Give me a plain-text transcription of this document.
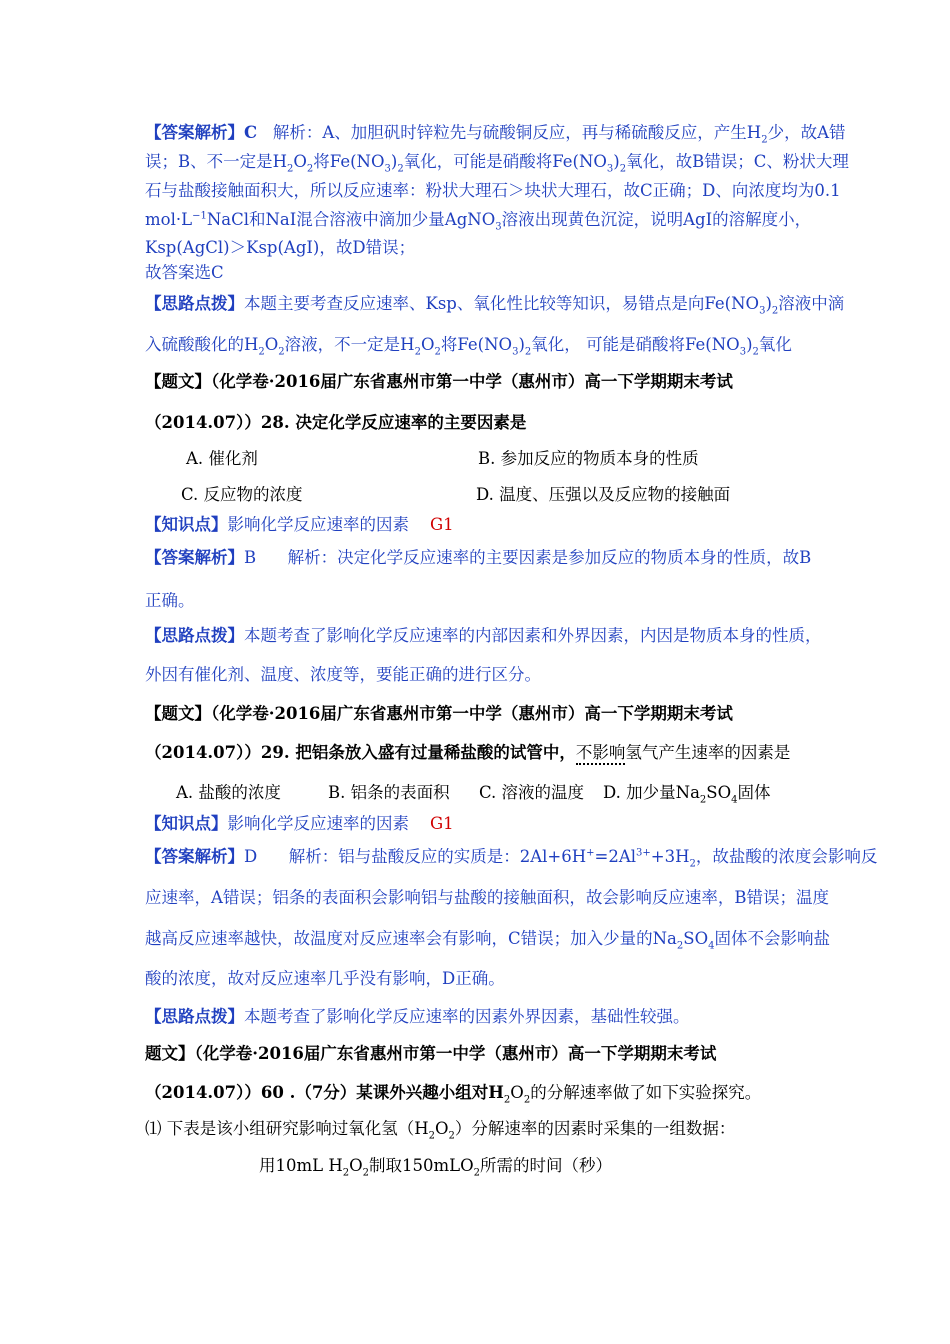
【答案解析】C 解析：A、加胆矾时锌粒先与硫酸铜反应，再与稀硫酸反应，产生$H_2$少，故A错
误；B、不一定是$H_2O_2$将$Fe(NO_3)_2$氧化，可能是硝酸将$Fe(NO_3)_2$氧化，故B错误；C、粉状大理
石与盐酸接触面积大，所以反应速率：粉状大理石＞块状大理石，故C正确；D、向浓度均为0.1
$mol\cdot L^{-1}NaCl$和NaI混合溶液中滴加少量AgNO$_3$溶液出现黄色沉淀，说明AgI的溶解度小，
Ksp(AgCl)＞Ksp(AgI)，故D错误；
故答案选C
【思路点拨】本题主要考查反应速率、Ksp、氧化性比较等知识，易错点是向$Fe(NO_3)_2$溶液中滴
入硫酸酸化的$H_2O_2$溶液，不一定是$H_2O_2$将$Fe(NO_3)_2$氧化， 可能是硝酸将$Fe(NO_3)_2$氧化
【题文】（化学卷·2016届广东省惠州市第一中学（惠州市）高一下学期期末考试
（2014.07））28. 决定化学反应速率的主要因素是
A. 催化剂	B. 参加反应的物质本身的性质
C. 反应物的浓度	D. 温度、压强以及反应物的接触面
【知识点】影响化学反应速率的因素 G1
【答案解析】B 解析：决定化学反应速率的主要因素是参加反应的物质本身的性质，故B
正确。
【思路点拨】本题考查了影响化学反应速率的内部因素和外界因素，内因是物质本身的性质，
外因有催化剂、温度、浓度等，要能正确的进行区分。
【题文】（化学卷·2016届广东省惠州市第一中学（惠州市）高一下学期期末考试
（2014.07））29. 把铝条放入盛有过量稀盐酸的试管中，不影响氢气产生速率的因素是
A. 盐酸的浓度	B. 铝条的表面积 C. 溶液的温度 D. 加少量$Na_2SO_4$固体
【知识点】影响化学反应速率的因素 G1
【答案解析】D 解析：铝与盐酸反应的实质是：$2Al+6H^+=2Al^{3+}+3H_2$，故盐酸的浓度会影响反
应速率，A错误；铝条的表面积会影响铝与盐酸的接触面积，故会影响反应速率，B错误；温度
越高反应速率越快，故温度对反应速率会有影响，C错误；加入少量的$Na_2SO_4$固体不会影响盐
酸的浓度，故对反应速率几乎没有影响，D正确。
【思路点拨】本题考查了影响化学反应速率的因素外界因素，基础性较强。
题文】（化学卷·2016届广东省惠州市第一中学（惠州市）高一下学期期末考试
（2014.07））60 .（7分）某课外兴趣小组对$H_2O_2$的分解速率做了如下实验探究。
⑴ 下表是该小组研究影响过氧化氢$(H_2O_2)$分解速率的因素时采集的一组数据：
用10mL $H_2O_2$制取150mLO$_2$所需的时间（秒）
